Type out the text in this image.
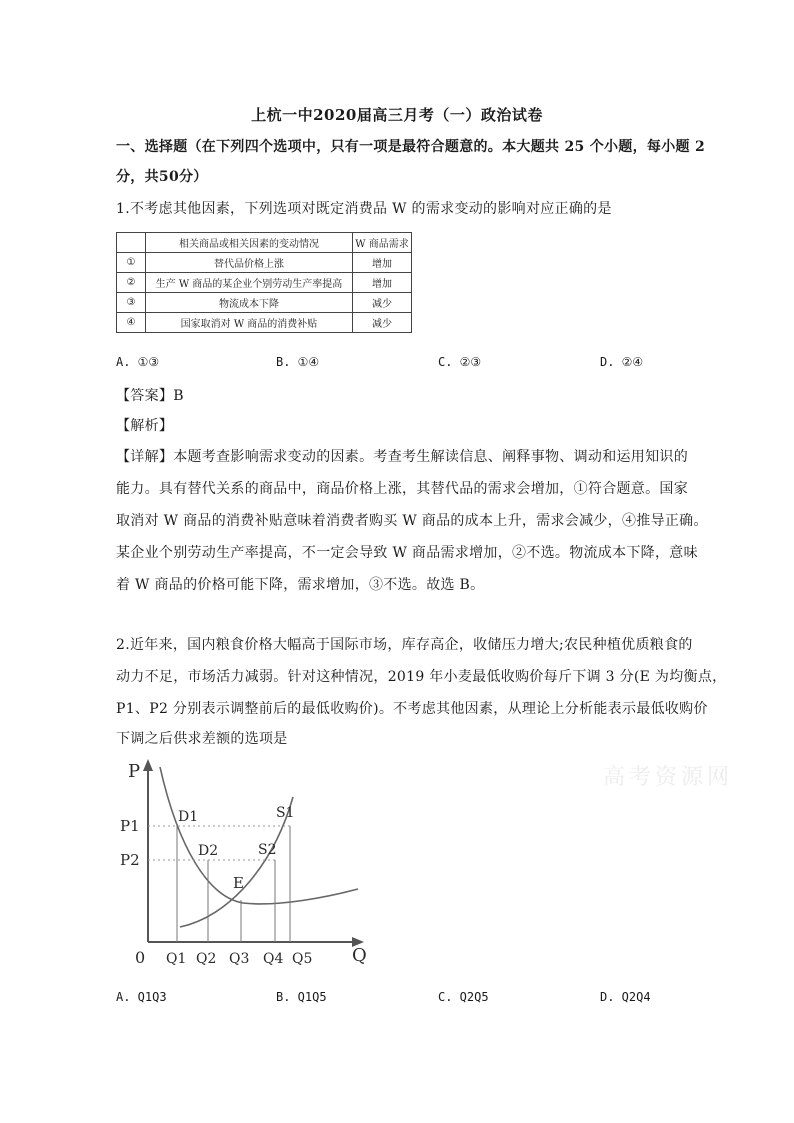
上杭一中2020届高三月考（一）政治试卷
一、选择题（在下列四个选项中，只有一项是最符合题意的。本大题共 25 个小题，每小题 2
分，共50分）
1.不考虑其他因素，下列选项对既定消费品 W 的需求变动的影响对应正确的是
	相关商品或相关因素的变动情况	W 商品需求
①	替代品价格上涨	增加
②	生产 W 商品的某企业个别劳动生产率提高	增加
③	物流成本下降	减少
④	国家取消对 W 商品的消费补贴	减少
A. ①③	B. ①④	C. ②③	D. ②④
【答案】B
【解析】
【详解】本题考查影响需求变动的因素。考查考生解读信息、阐释事物、调动和运用知识的
能力。具有替代关系的商品中，商品价格上涨，其替代品的需求会增加，①符合题意。国家
取消对 W 商品的消费补贴意味着消费者购买 W 商品的成本上升，需求会减少，④推导正确。
某企业个别劳动生产率提高，不一定会导致 W 商品需求增加，②不选。物流成本下降，意味
着 W 商品的价格可能下降，需求增加，③不选。故选 B。
2.近年来，国内粮食价格大幅高于国际市场，库存高企，收储压力增大;农民种植优质粮食的
动力不足，市场活力减弱。针对这种情况，2019 年小麦最低收购价每斤下调 3 分(E 为均衡点，
P1、P2 分别表示调整前后的最低收购价)。不考虑其他因素，从理论上分析能表示最低收购价
下调之后供求差额的选项是
高考资源网
P
Q
0
P1
P2
Q1 Q2 Q3 Q4 Q5
D1
D2
E
S2
S1
A. Q1Q3	B. Q1Q5	C. Q2Q5	D. Q2Q4
